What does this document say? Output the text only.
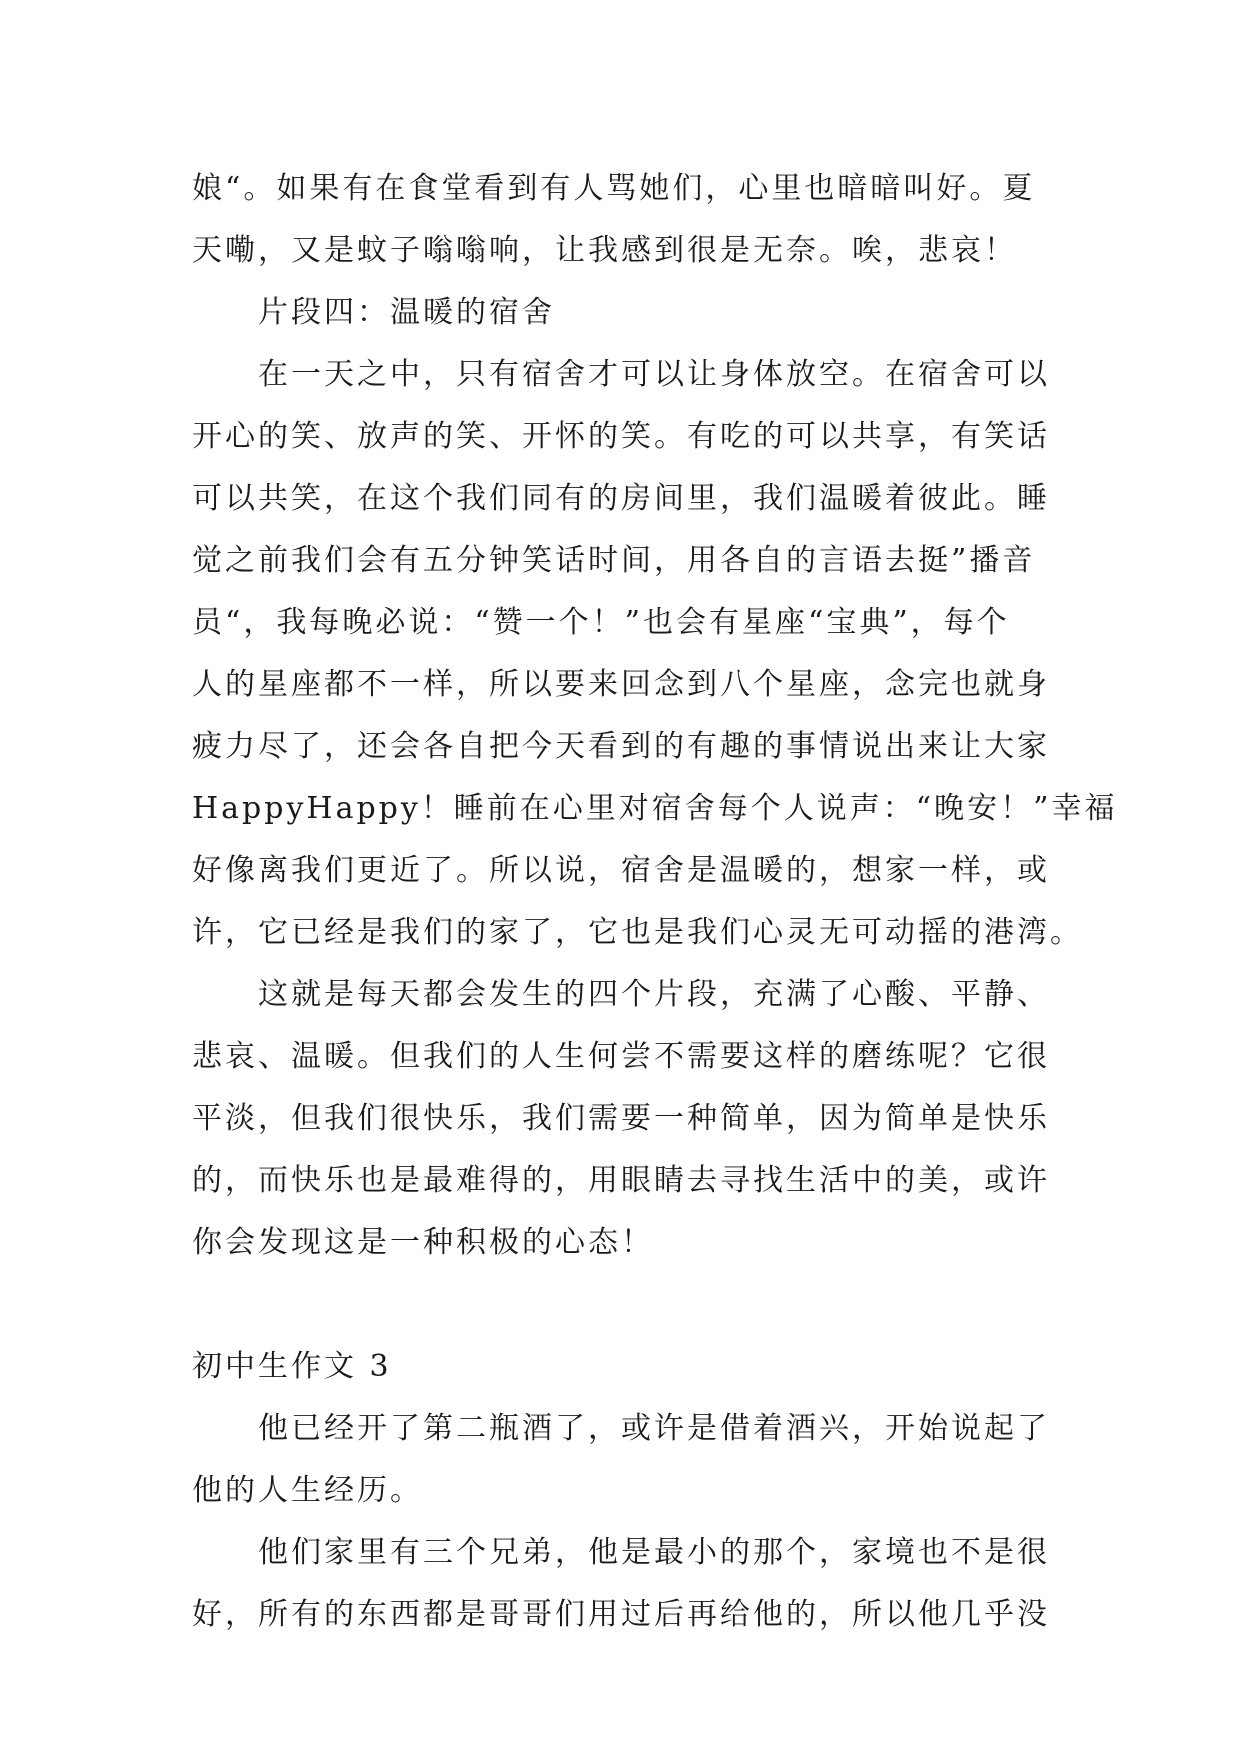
娘“。如果有在食堂看到有人骂她们，心里也暗暗叫好。夏
天嘞，又是蚊子嗡嗡响，让我感到很是无奈。唉，悲哀！
片段四：温暖的宿舍
在一天之中，只有宿舍才可以让身体放空。在宿舍可以
开心的笑、放声的笑、开怀的笑。有吃的可以共享，有笑话
可以共笑，在这个我们同有的房间里，我们温暖着彼此。睡
觉之前我们会有五分钟笑话时间，用各自的言语去挺”播音
员“，我每晚必说：“赞一个！”也会有星座“宝典”，每个
人的星座都不一样，所以要来回念到八个星座，念完也就身
疲力尽了，还会各自把今天看到的有趣的事情说出来让大家
HappyHappy！睡前在心里对宿舍每个人说声：“晚安！”幸福
好像离我们更近了。所以说，宿舍是温暖的，想家一样，或
许，它已经是我们的家了，它也是我们心灵无可动摇的港湾。
这就是每天都会发生的四个片段，充满了心酸、平静、
悲哀、温暖。但我们的人生何尝不需要这样的磨练呢？它很
平淡，但我们很快乐，我们需要一种简单，因为简单是快乐
的，而快乐也是最难得的，用眼睛去寻找生活中的美，或许
你会发现这是一种积极的心态！
初中生作文 3
他已经开了第二瓶酒了，或许是借着酒兴，开始说起了
他的人生经历。
他们家里有三个兄弟，他是最小的那个，家境也不是很
好，所有的东西都是哥哥们用过后再给他的，所以他几乎没
